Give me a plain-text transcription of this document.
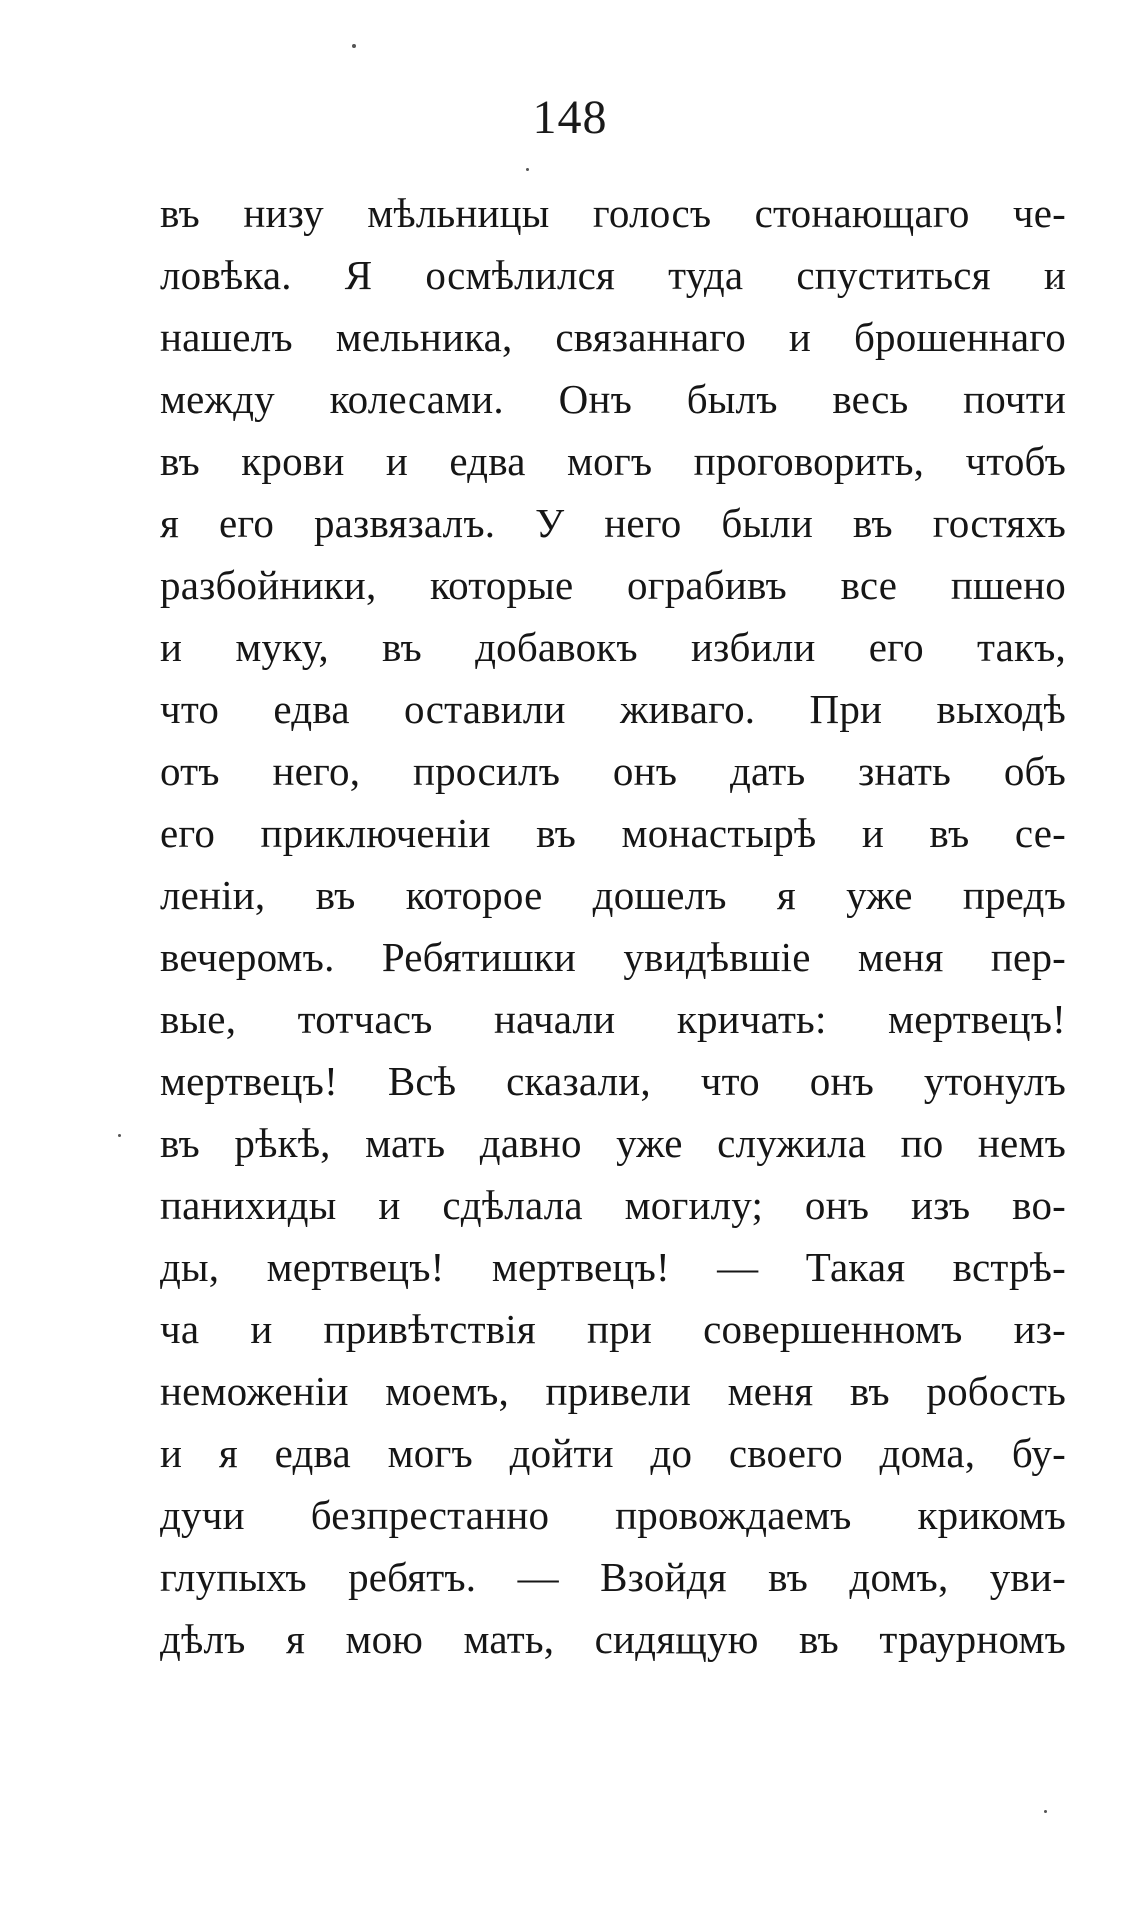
148
въ низу мѣльницы голосъ стонающаго че-
ловѣка. Я осмѣлился туда спуститься и
нашелъ мельника, связаннаго и брошеннаго
между колесами. Онъ былъ весь почти
въ крови и едва могъ проговорить, чтобъ
я его развязалъ. У него были въ гостяхъ
разбойники, которые ограбивъ все пшено
и муку, въ добавокъ избили его такъ,
что едва оставили живаго. При выходѣ
отъ него, просилъ онъ дать знать объ
его приключенiи въ монастырѣ и въ се-
ленiи, въ которое дошелъ я уже предъ
вечеромъ. Ребятишки увидѣвшiе меня пер-
вые, тотчасъ начали кричать: мертвецъ!
мертвецъ! Всѣ сказали, что онъ утонулъ
въ рѣкѣ, мать давно уже служила по немъ
панихиды и сдѣлала могилу; онъ изъ во-
ды, мертвецъ! мертвецъ! — Такая встрѣ-
ча и привѣтствiя при совершенномъ из-
неможенiи моемъ, привели меня въ робость
и я едва могъ дойти до своего дома, бу-
дучи безпрестанно провождаемъ крикомъ
глупыхъ ребятъ. — Взойдя въ домъ, уви-
дѣлъ я мою мать, сидящую въ траурномъ
